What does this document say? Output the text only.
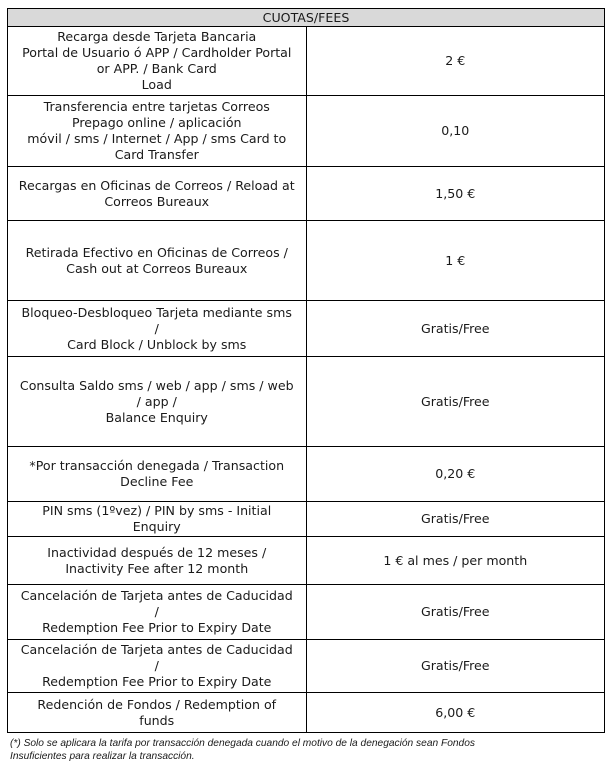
CUOTAS/FEES	

Recarga desde Tarjeta Bancaria
Portal de Usuario ó APP / Cardholder Portal or APP. / Bank Card
Load	2 €

Transferencia entre tarjetas Correos Prepago online / aplicación
móvil / sms / Internet / App / sms Card to Card Transfer	0,10

Recargas en Oficinas de Correos / Reload at Correos Bureaux	1,50 €

Retirada Efectivo en Oficinas de Correos /
Cash out at Correos Bureaux	1 €

Bloqueo-Desbloqueo Tarjeta mediante sms /
Card Block / Unblock by sms	Gratis/Free

Consulta Saldo sms / web / app / sms / web / app /
Balance Enquiry	Gratis/Free

*Por transacción denegada / Transaction Decline Fee	0,20 €

PIN sms (1ºvez) / PIN by sms - Initial Enquiry	Gratis/Free

Inactividad después de 12 meses / Inactivity Fee after 12 month	1 € al mes / per month

Cancelación de Tarjeta antes de Caducidad /
Redemption Fee Prior to Expiry Date	Gratis/Free

Cancelación de Tarjeta antes de Caducidad /
Redemption Fee Prior to Expiry Date	Gratis/Free

Redención de Fondos / Redemption of funds	6,00 €
(*) Solo se aplicara la tarifa por transacción denegada cuando el motivo de la denegación sean Fondos
Insuficientes para realizar la transacción.
